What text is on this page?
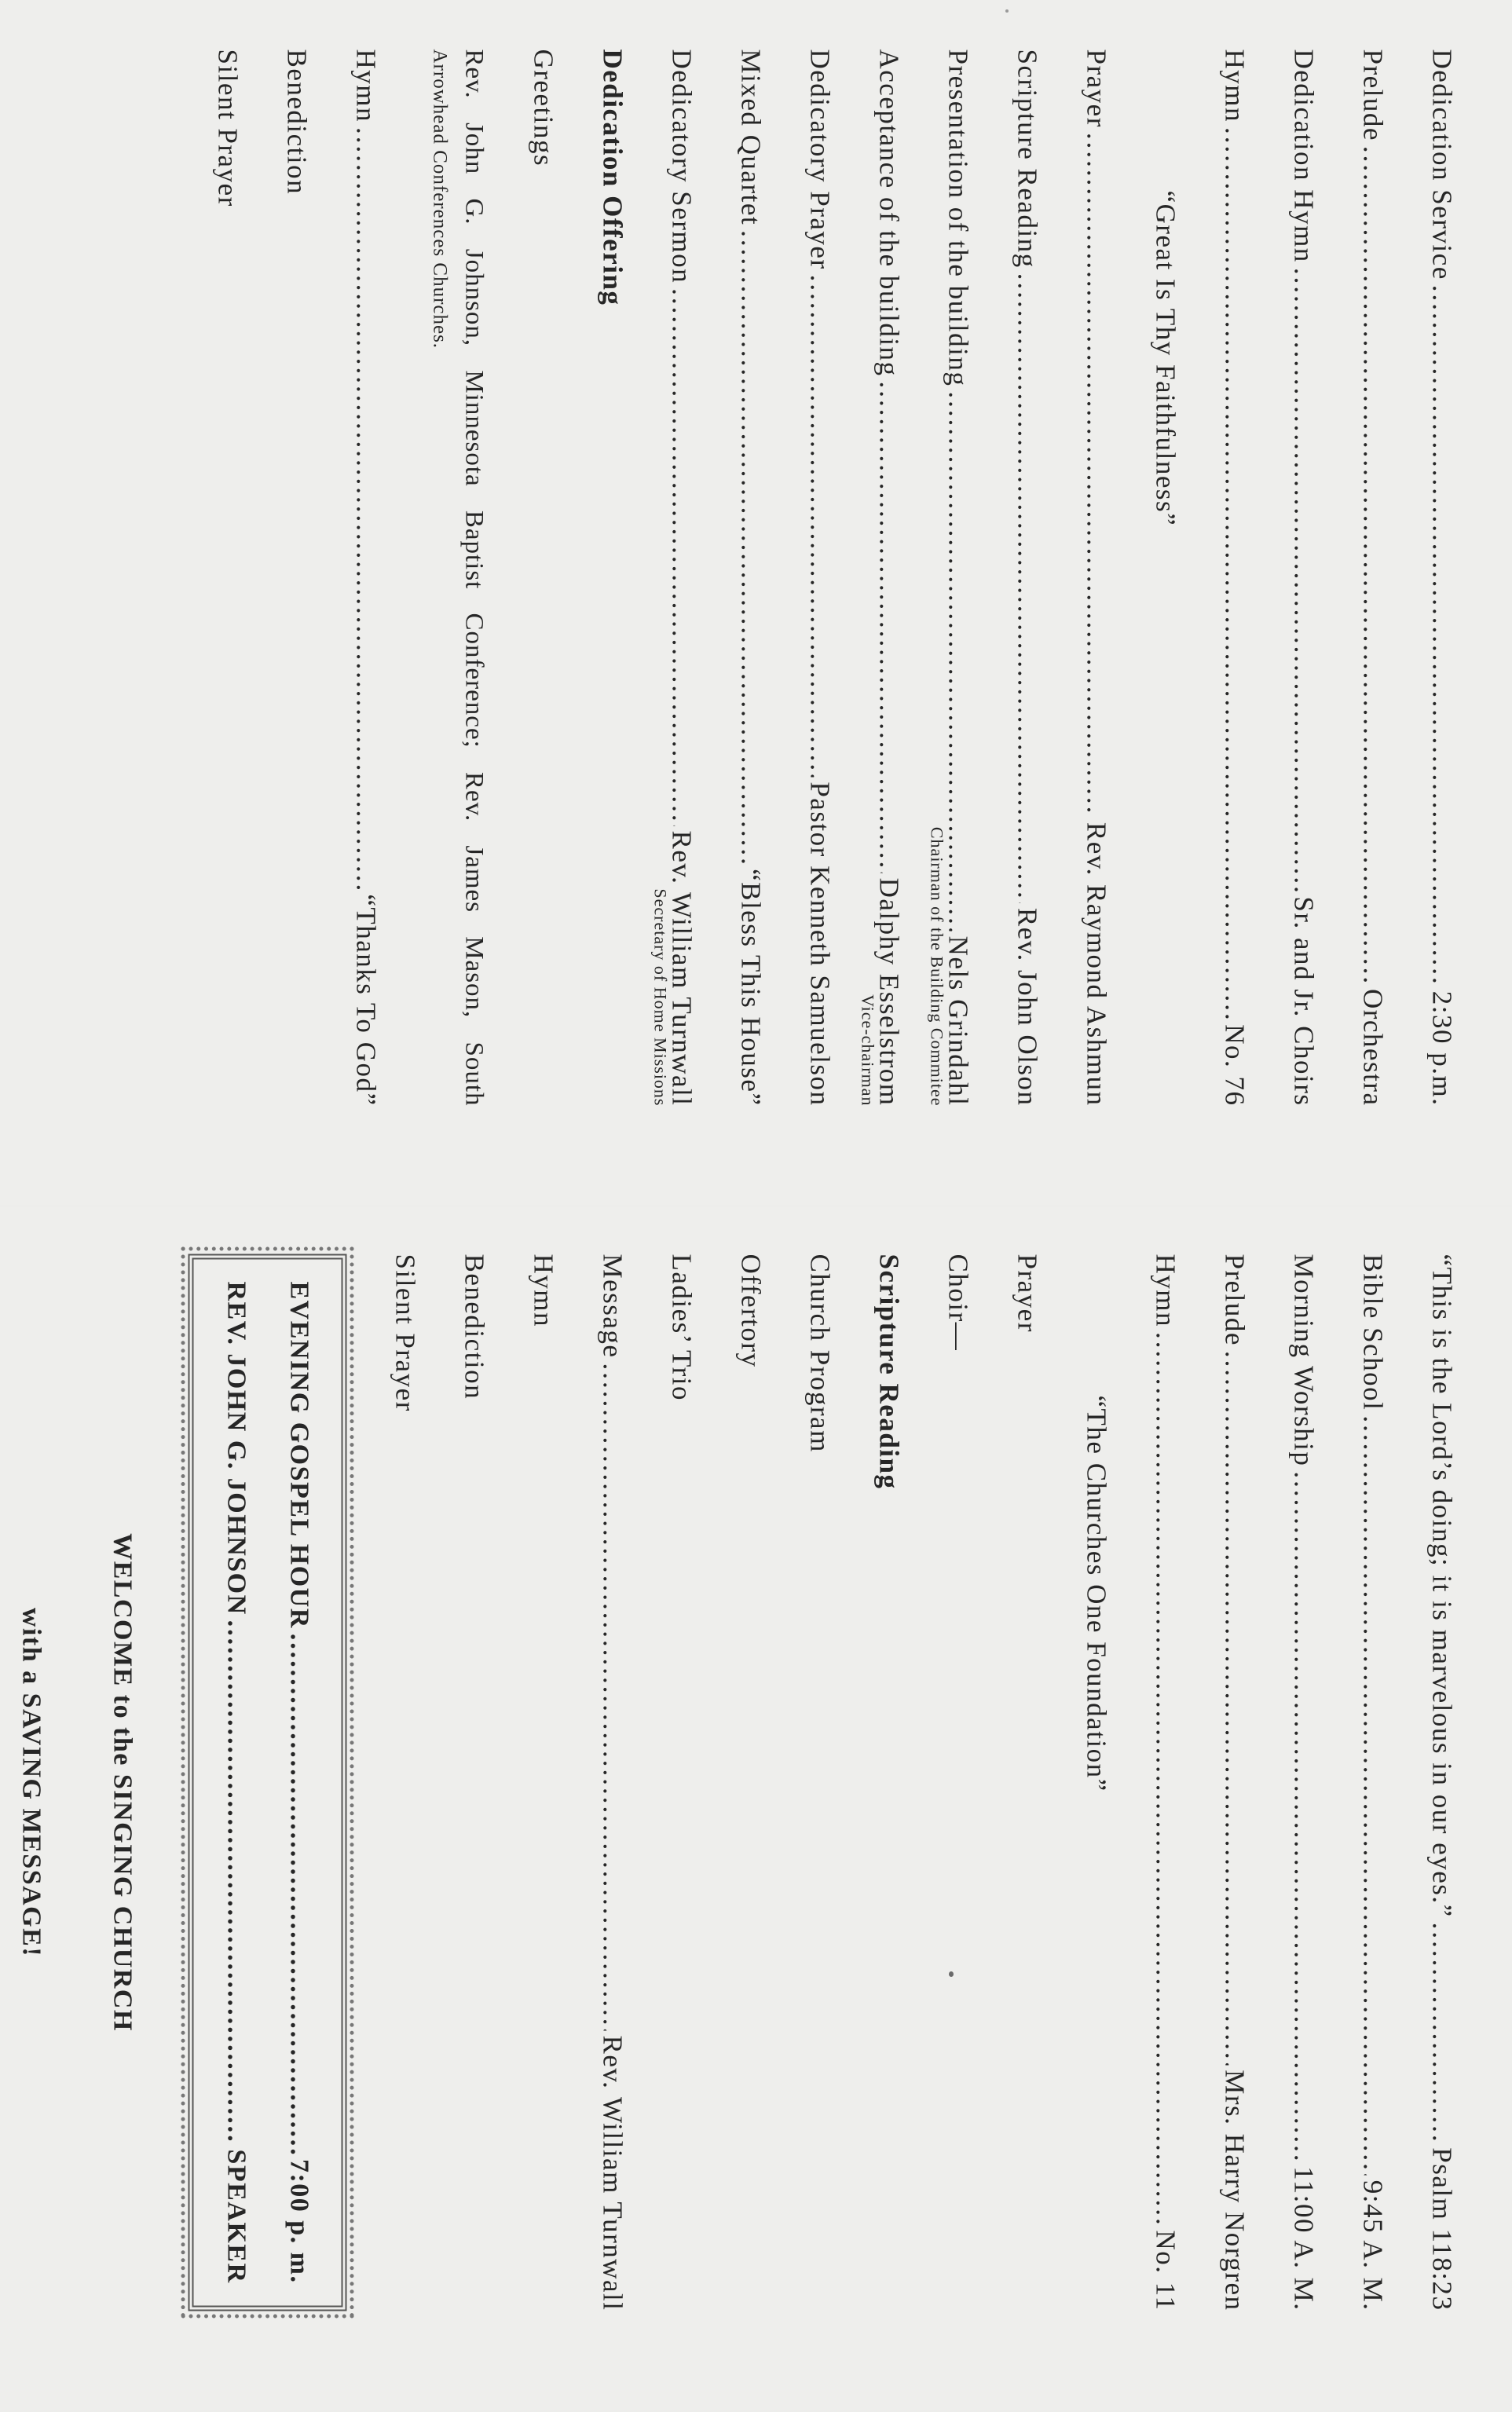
Dedication Service
.....
2:30 p.m.
Prelude
.....
Orchestra
Dedication Hymn
.....
Sr. and Jr. Choirs
Hymn
.....
No. 76
“Great Is Thy Faithfulness”
Prayer
.....
Rev. Raymond Ashmun
Scripture Reading
.....
Rev. John Olson
Presentation of the building
.....
Nels Grindahl
Chairman of the Building Commitee
Acceptance of the building
.....
Dalphy Esselstrom
Vice-chairman
Dedicatory Prayer
.....
Pastor Kenneth Samuelson
Mixed Quartet
.....
“Bless This House”
Dedicatory Sermon
.....
Rev. William Turnwall
Secretary of Home Missions
Dedication Offering
Greetings
Rev. John G. Johnson, Minnesota Baptist Conference; Rev. James Mason, South
Arrowhead Conferences Churches.
Hymn
.....
“Thanks To God”
Benediction
Silent Prayer
“This is the Lord’s doing; it is marvelous in our eyes.”
.....
Psalm 118:23
Bible School
.....
9:45 A. M.
Morning Worship
.....
11:00 A. M.
Prelude
.....
Mrs. Harry Norgren
Hymn
.....
No. 11
“The Churches One Foundation”
Prayer
Choir—
Scripture Reading
Church Program
Offertory
Ladies’ Trio
Message
.....
Rev. William Turnwall
Hymn
Benediction
Silent Prayer
EVENING GOSPEL HOUR
.....
7:00 p. m.
REV. JOHN G. JOHNSON
.....
SPEAKER
WELCOME to the SINGING CHURCH
with a SAVING MESSAGE!
